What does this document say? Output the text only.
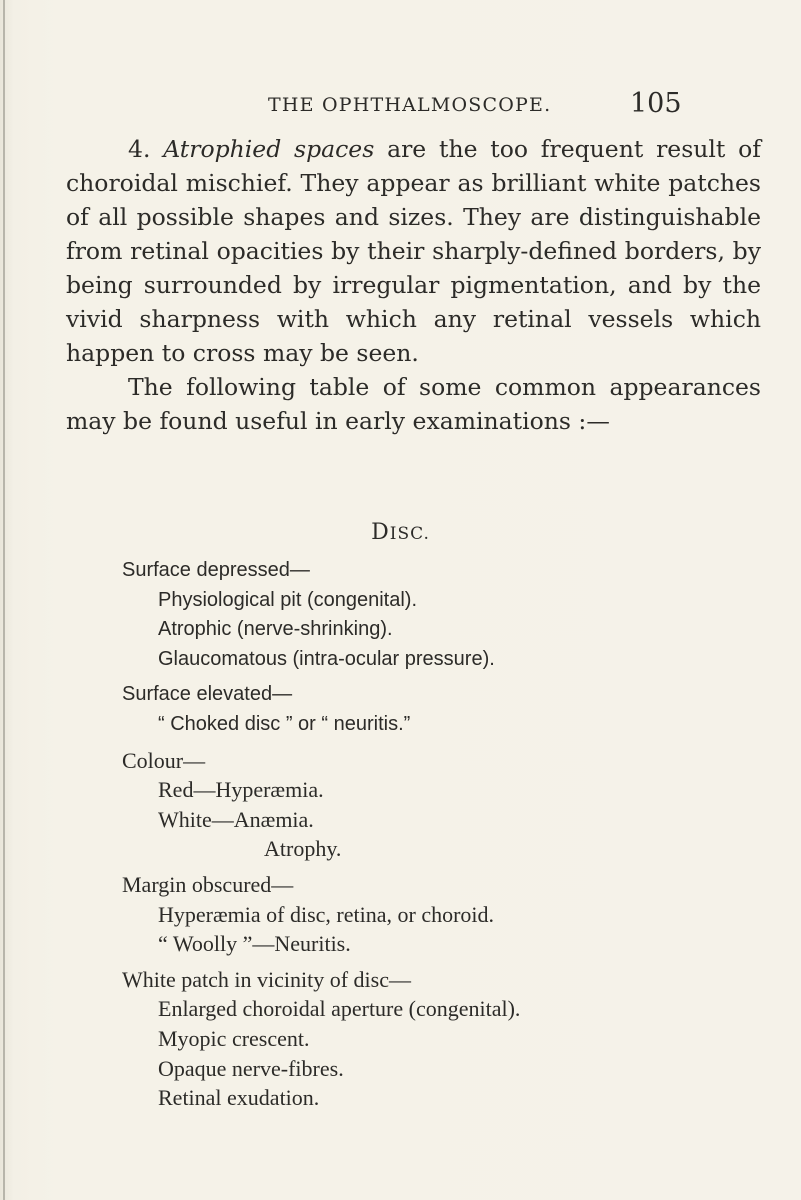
THE OPHTHALMOSCOPE.	105

4. Atrophied spaces are the too frequent result of choroidal mischief. They appear as brilliant white patches of all possible shapes and sizes. They are distinguishable from retinal opacities by their sharply-defined borders, by being surrounded by irregular pigmentation, and by the vivid sharpness with which any retinal vessels which happen to cross may be seen.

The following table of some common appearances may be found useful in early examinations :—

DISC.
Surface depressed—
Physiological pit (congenital).
Atrophic (nerve-shrinking).
Glaucomatous (intra-ocular pressure).
Surface elevated—
“ Choked disc ” or “ neuritis.”
Colour—
Red—Hyperæmia.
White—Anæmia.
Atrophy.
Margin obscured—
Hyperæmia of disc, retina, or choroid.
“ Woolly ”—Neuritis.
White patch in vicinity of disc—
Enlarged choroidal aperture (congenital).
Myopic crescent.
Opaque nerve-fibres.
Retinal exudation.
